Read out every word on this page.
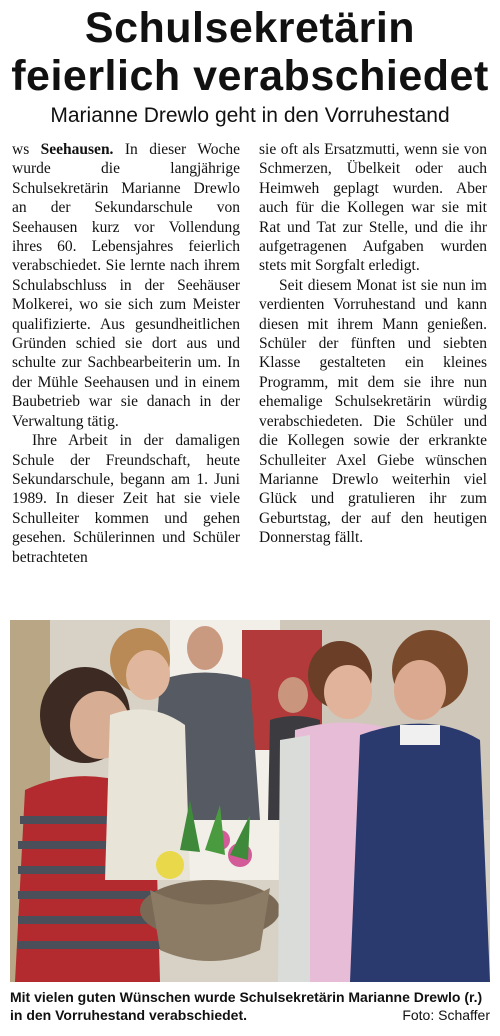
Schulsekretärin
feierlich verabschiedet
Marianne Drewlo geht in den Vorruhestand

ws Seehausen. In dieser Woche wurde die langjährige Schulsekretärin Marianne Drewlo an der Sekundarschule von Seehausen kurz vor Vollendung ihres 60. Lebensjahres feierlich verabschiedet. Sie lernte nach ihrem Schulabschluss in der Seehäuser Molkerei, wo sie sich zum Meister qualifizierte. Aus gesundheitlichen Gründen schied sie dort aus und schulte zur Sachbearbeiterin um. In der Mühle Seehausen und in einem Baubetrieb war sie danach in der Verwaltung tätig.

Ihre Arbeit in der damaligen Schule der Freundschaft, heute Sekundarschule, begann am 1. Juni 1989. In dieser Zeit hat sie viele Schulleiter kommen und gehen gesehen. Schülerinnen und Schüler betrachteten

sie oft als Ersatzmutti, wenn sie von Schmerzen, Übelkeit oder auch Heimweh geplagt wurden. Aber auch für die Kollegen war sie mit Rat und Tat zur Stelle, und die ihr aufgetragenen Aufgaben wurden stets mit Sorgfalt erledigt.

Seit diesem Monat ist sie nun im verdienten Vorruhestand und kann diesen mit ihrem Mann genießen. Schüler der fünften und siebten Klasse gestalteten ein kleines Programm, mit dem sie ihre nun ehemalige Schulsekretärin würdig verabschiedeten. Die Schüler und die Kollegen sowie der erkrankte Schulleiter Axel Giebe wünschen Marianne Drewlo weiterhin viel Glück und gratulieren ihr zum Geburtstag, der auf den heutigen Donnerstag fällt.

Mit vielen guten Wünschen wurde Schulsekretärin Marianne Drewlo (r.) in den Vorruhestand verabschiedet.	Foto: Schaffer
